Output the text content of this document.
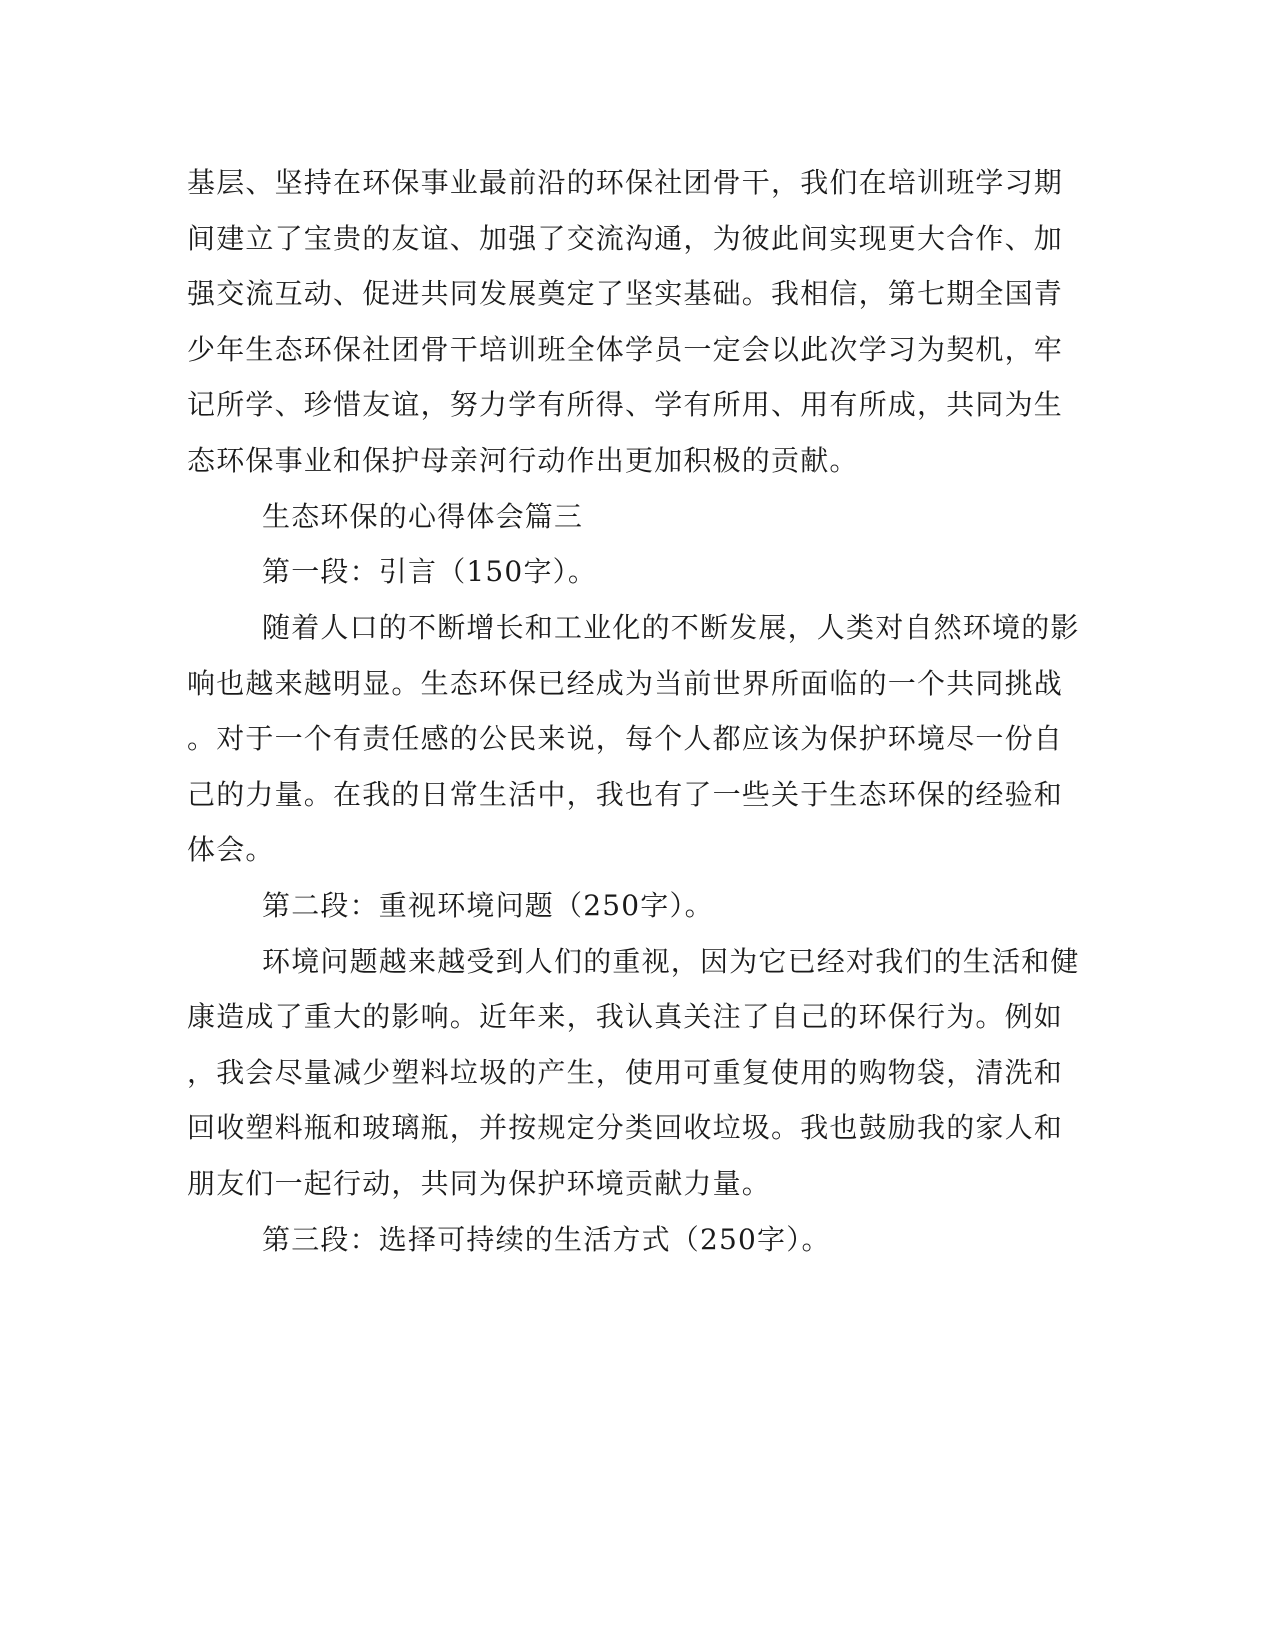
基层、坚持在环保事业最前沿的环保社团骨干，我们在培训班学习期

间建立了宝贵的友谊、加强了交流沟通，为彼此间实现更大合作、加

强交流互动、促进共同发展奠定了坚实基础。我相信，第七期全国青

少年生态环保社团骨干培训班全体学员一定会以此次学习为契机，牢

记所学、珍惜友谊，努力学有所得、学有所用、用有所成，共同为生

态环保事业和保护母亲河行动作出更加积极的贡献。

生态环保的心得体会篇三

第一段：引言（150字）。

随着人口的不断增长和工业化的不断发展，人类对自然环境的影

响也越来越明显。生态环保已经成为当前世界所面临的一个共同挑战

。对于一个有责任感的公民来说，每个人都应该为保护环境尽一份自

己的力量。在我的日常生活中，我也有了一些关于生态环保的经验和

体会。

第二段：重视环境问题（250字）。

环境问题越来越受到人们的重视，因为它已经对我们的生活和健

康造成了重大的影响。近年来，我认真关注了自己的环保行为。例如

，我会尽量减少塑料垃圾的产生，使用可重复使用的购物袋，清洗和

回收塑料瓶和玻璃瓶，并按规定分类回收垃圾。我也鼓励我的家人和

朋友们一起行动，共同为保护环境贡献力量。

第三段：选择可持续的生活方式（250字）。
